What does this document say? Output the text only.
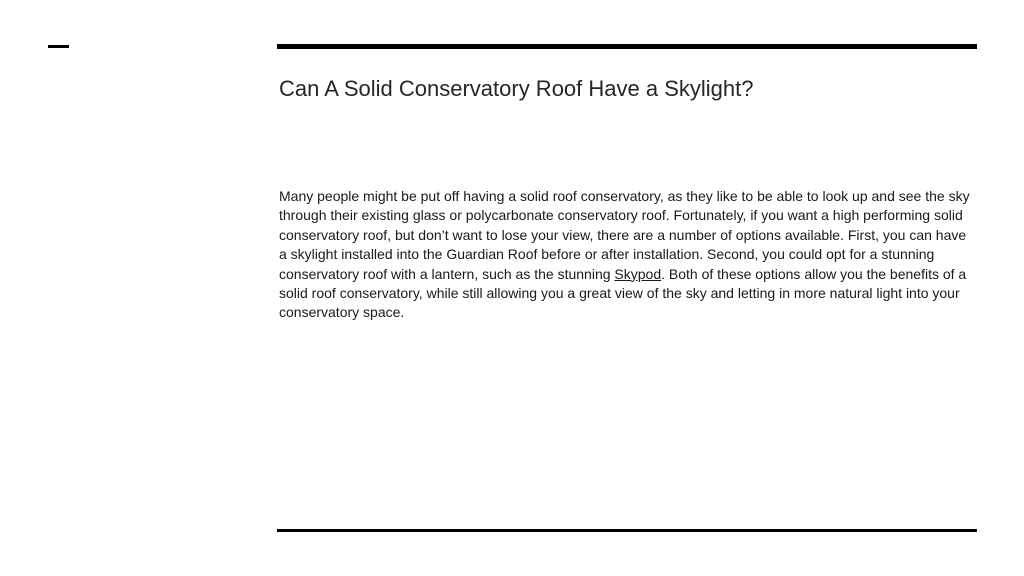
Can A Solid Conservatory Roof Have a Skylight?

Many people might be put off having a solid roof conservatory, as they like to be able to look up and see the sky through their existing glass or polycarbonate conservatory roof. Fortunately, if you want a high performing solid conservatory roof, but don’t want to lose your view, there are a number of options available. First, you can have a skylight installed into the Guardian Roof before or after installation. Second, you could opt for a stunning conservatory roof with a lantern, such as the stunning Skypod. Both of these options allow you the benefits of a solid roof conservatory, while still allowing you a great view of the sky and letting in more natural light into your conservatory space.
